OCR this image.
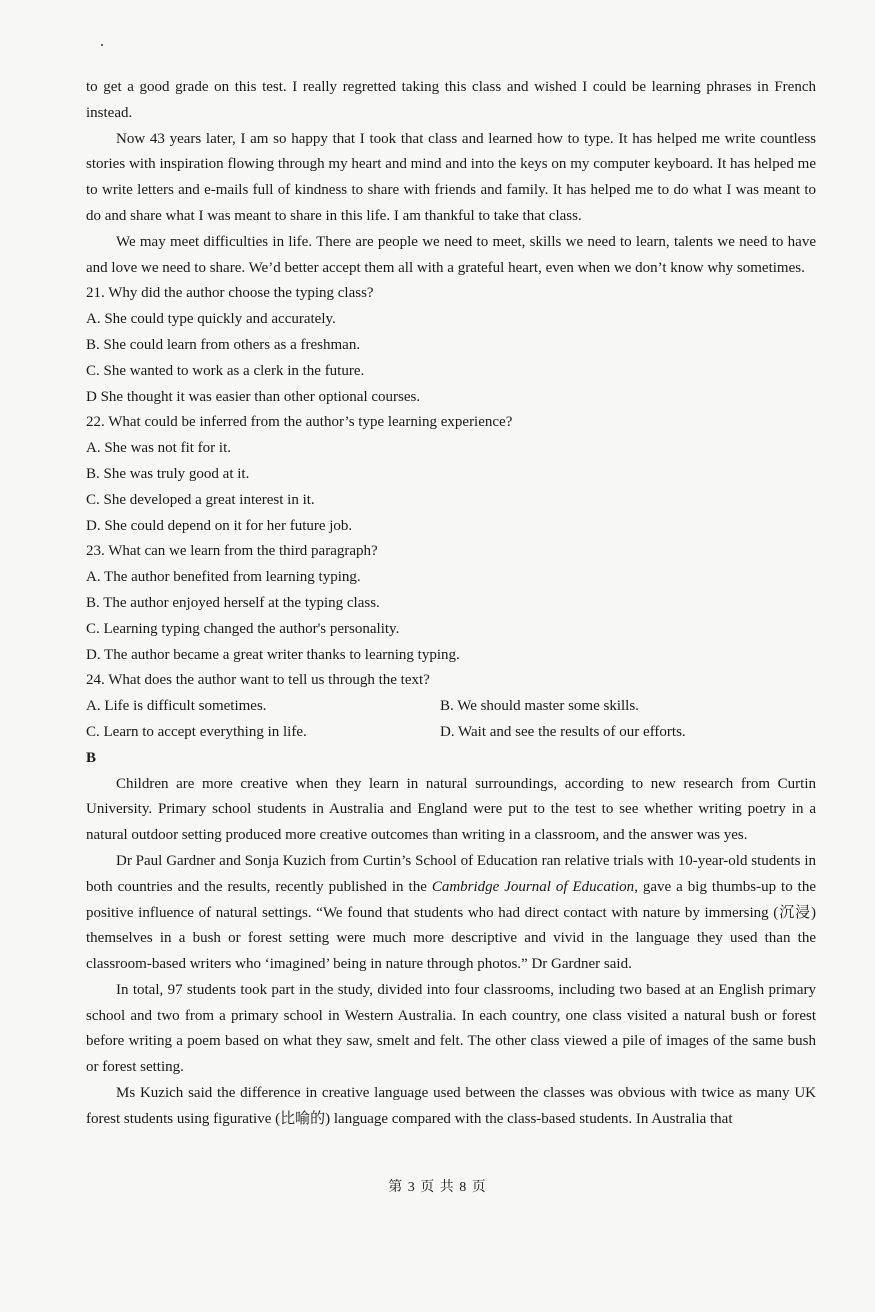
to get a good grade on this test. I really regretted taking this class and wished I could be learning phrases in French instead.

Now 43 years later, I am so happy that I took that class and learned how to type. It has helped me write countless stories with inspiration flowing through my heart and mind and into the keys on my computer keyboard. It has helped me to write letters and e-mails full of kindness to share with friends and family. It has helped me to do what I was meant to do and share what I was meant to share in this life. I am thankful to take that class.

We may meet difficulties in life. There are people we need to meet, skills we need to learn, talents we need to have and love we need to share. We’d better accept them all with a grateful heart, even when we don’t know why sometimes.

21. Why did the author choose the typing class?

A. She could type quickly and accurately.

B. She could learn from others as a freshman.

C. She wanted to work as a clerk in the future.

D She thought it was easier than other optional courses.

22. What could be inferred from the author’s type learning experience?

A. She was not fit for it.

B. She was truly good at it.

C. She developed a great interest in it.

D. She could depend on it for her future job.

23. What can we learn from the third paragraph?

A. The author benefited from learning typing.

B. The author enjoyed herself at the typing class.

C. Learning typing changed the author's personality.

D. The author became a great writer thanks to learning typing.

24. What does the author want to tell us through the text?

A. Life is difficult sometimes.	B. We should master some skills.
C. Learn to accept everything in life.	D. Wait and see the results of our efforts.

B

Children are more creative when they learn in natural surroundings, according to new research from Curtin University. Primary school students in Australia and England were put to the test to see whether writing poetry in a natural outdoor setting produced more creative outcomes than writing in a classroom, and the answer was yes.

Dr Paul Gardner and Sonja Kuzich from Curtin’s School of Education ran relative trials with 10-year-old students in both countries and the results, recently published in the Cambridge Journal of Education, gave a big thumbs-up to the positive influence of natural settings. “We found that students who had direct contact with nature by immersing (沉浸) themselves in a bush or forest setting were much more descriptive and vivid in the language they used than the classroom-based writers who ‘imagined’ being in nature through photos.” Dr Gardner said.

In total, 97 students took part in the study, divided into four classrooms, including two based at an English primary school and two from a primary school in Western Australia. In each country, one class visited a natural bush or forest before writing a poem based on what they saw, smelt and felt. The other class viewed a pile of images of the same bush or forest setting.

Ms Kuzich said the difference in creative language used between the classes was obvious with twice as many UK forest students using figurative (比喻的) language compared with the class-based students. In Australia that

第 3 页 共 8 页
